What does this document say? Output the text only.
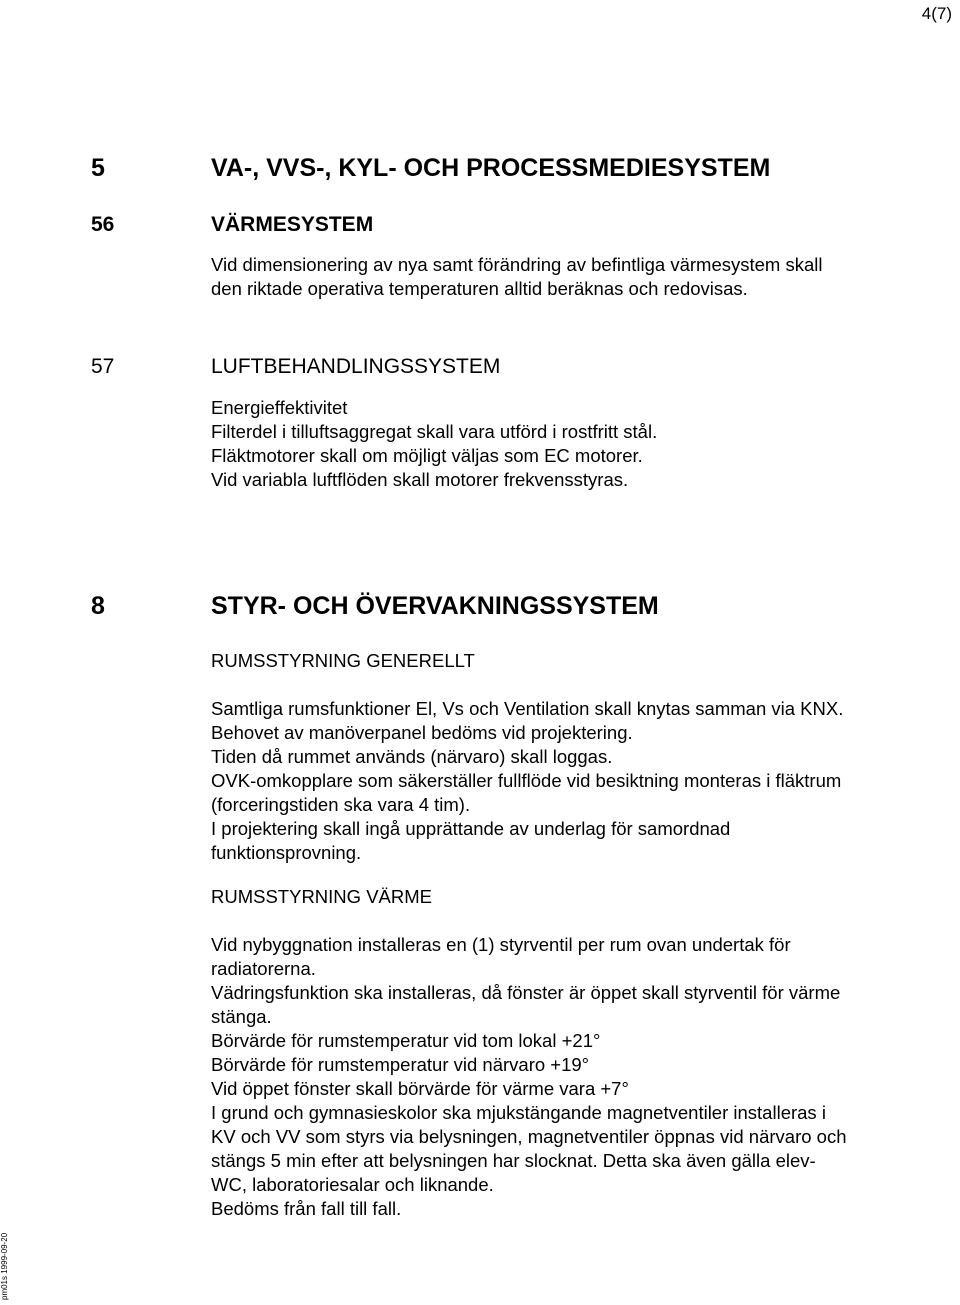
4(7)
5	VA-, VVS-, KYL- OCH PROCESSMEDIESYSTEM
56	VÄRMESYSTEM
Vid dimensionering av nya samt förändring av befintliga värmesystem skall
den riktade operativa temperaturen alltid beräknas och redovisas.
57	LUFTBEHANDLINGSSYSTEM
Energieffektivitet
Filterdel i tilluftsaggregat skall vara utförd i rostfritt stål.
Fläktmotorer skall om möjligt väljas som EC motorer.
Vid variabla luftflöden skall motorer frekvensstyras.
8	STYR- OCH ÖVERVAKNINGSSYSTEM
RUMSSTYRNING GENERELLT
Samtliga rumsfunktioner El, Vs och Ventilation skall knytas samman via KNX.
Behovet av manöverpanel bedöms vid projektering.
Tiden då rummet används (närvaro) skall loggas.
OVK-omkopplare som säkerställer fullflöde vid besiktning monteras i fläktrum
(forceringstiden ska vara 4 tim).
I projektering skall ingå upprättande av underlag för samordnad
funktionsprovning.
RUMSSTYRNING VÄRME
Vid nybyggnation installeras en (1) styrventil per rum ovan undertak för
radiatorerna.
Vädringsfunktion ska installeras, då fönster är öppet skall styrventil för värme
stänga.
Börvärde för rumstemperatur vid tom lokal +21°
Börvärde för rumstemperatur vid närvaro +19°
Vid öppet fönster skall börvärde för värme vara +7°
I grund och gymnasieskolor ska mjukstängande magnetventiler installeras i
KV och VV som styrs via belysningen, magnetventiler öppnas vid närvaro och
stängs 5 min efter att belysningen har slocknat. Detta ska även gälla elev-
WC, laboratoriesalar och liknande.
Bedöms från fall till fall.
pm01s 1999-09-20
